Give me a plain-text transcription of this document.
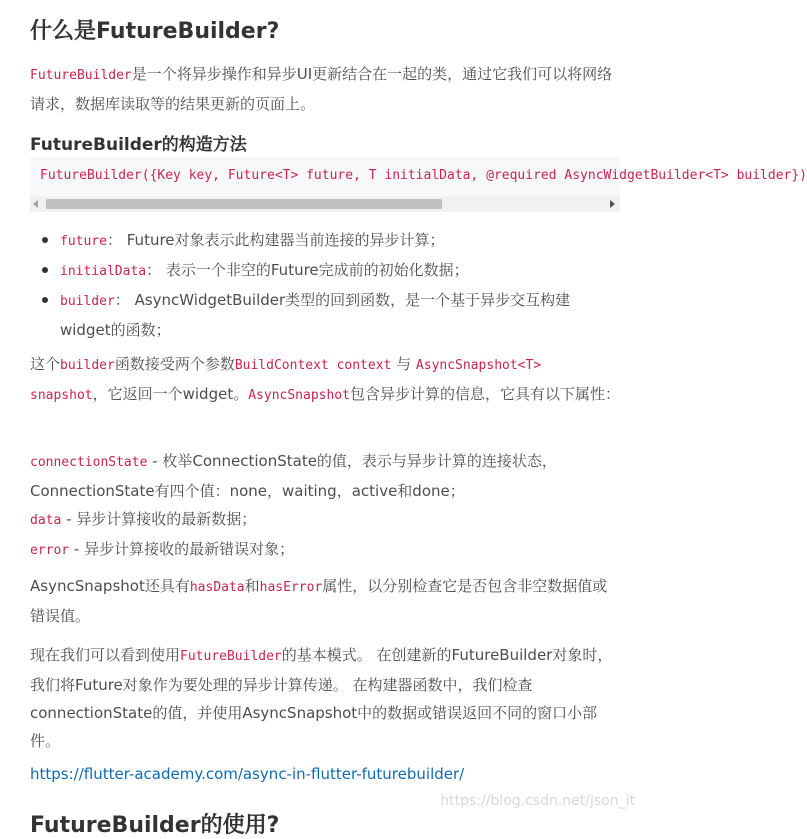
什么是FutureBuilder?
FutureBuilder是一个将异步操作和异步UI更新结合在一起的类，通过它我们可以将网络请求，数据库读取等的结果更新的页面上。
FutureBuilder的构造方法
FutureBuilder({Key key, Future<T> future, T initialData, @required AsyncWidgetBuilder<T> builder})
future： Future对象表示此构建器当前连接的异步计算；
initialData： 表示一个非空的Future完成前的初始化数据；
builder： AsyncWidgetBuilder类型的回到函数，是一个基于异步交互构建widget的函数；
这个builder函数接受两个参数BuildContext context 与 AsyncSnapshot<T> snapshot，它返回一个widget。AsyncSnapshot包含异步计算的信息，它具有以下属性：
connectionState - 枚举ConnectionState的值，表示与异步计算的连接状态，ConnectionState有四个值：none，waiting，active和done；
data - 异步计算接收的最新数据；
error - 异步计算接收的最新错误对象；
AsyncSnapshot还具有hasData和hasError属性，以分别检查它是否包含非空数据值或错误值。
现在我们可以看到使用FutureBuilder的基本模式。 在创建新的FutureBuilder对象时，我们将Future对象作为要处理的异步计算传递。 在构建器函数中，我们检查connectionState的值，并使用AsyncSnapshot中的数据或错误返回不同的窗口小部件。
https://flutter-academy.com/async-in-flutter-futurebuilder/
FutureBuilder的使用?
https://blog.csdn.net/json_it
